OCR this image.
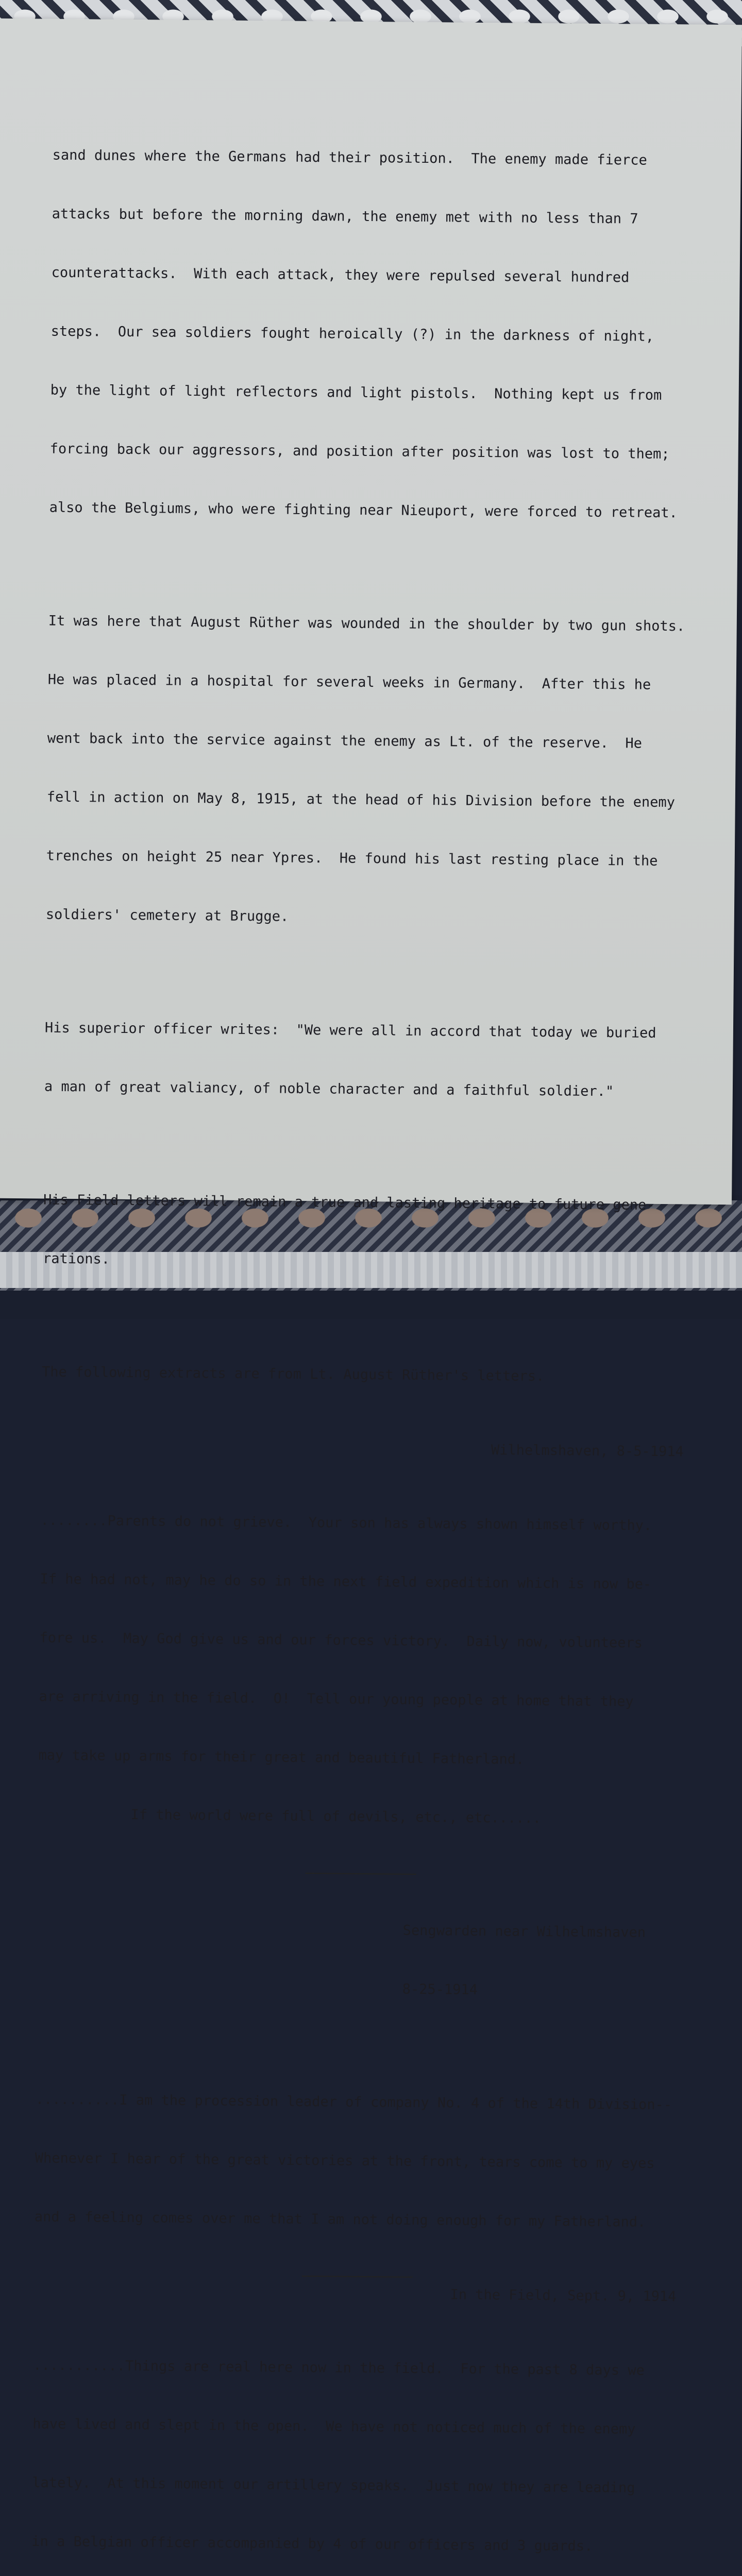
sand dunes where the Germans had their position.  The enemy made fierce

attacks but before the morning dawn, the enemy met with no less than 7

counterattacks.  With each attack, they were repulsed several hundred

steps.  Our sea soldiers fought heroically (?) in the darkness of night,

by the light of light reflectors and light pistols.  Nothing kept us from

forcing back our aggressors, and position after position was lost to them;

also the Belgiums, who were fighting near Nieuport, were forced to retreat.

It was here that August Rüther was wounded in the shoulder by two gun shots.

He was placed in a hospital for several weeks in Germany.  After this he

went back into the service against the enemy as Lt. of the reserve.  He

fell in action on May 8, 1915, at the head of his Division before the enemy

trenches on height 25 near Ypres.  He found his last resting place in the

soldiers' cemetery at Brugge.

His superior officer writes:  "We were all in accord that today we buried

a man of great valiancy, of noble character and a faithful soldier."

His Field letters will remain a true and lasting heritage to future gene-

rations.

The following extracts are from Lt. August Rüther's letters.

Wilhelmshaven, 8-5-1914

........Parents do not grieve.  Your son has always shown himself worthy.

If he had not, may he do so in the next field expedition which is now be-

fore us.  May God give us and our forces victory.  Daily now, volunteers

are arriving in the field.  O!  Tell our young people at home that they

may take up arms for their great and beautiful Fatherland.

If the world were full of devils, etc., etc......

Sengwarden near Wilhelmshaven

8-25-1914

..........I am the procession leader of company No. 4 of the 14th Division--

Whenever I hear of the great victories at the front, tears come to my eyes

and a feeling comes over me that I am not doing enough for my Fatherland.

In the Field, Sept. 9, 1914

...........Things are real here now in the field.  For the past 8 days we

have lived and slept in the open.  We have not noticed much of the enemy

lately.  At this moment our artillery speaks.  Just now they are leading

in a Belgian officer accompanied by 4 of our officers and 3 guards.
